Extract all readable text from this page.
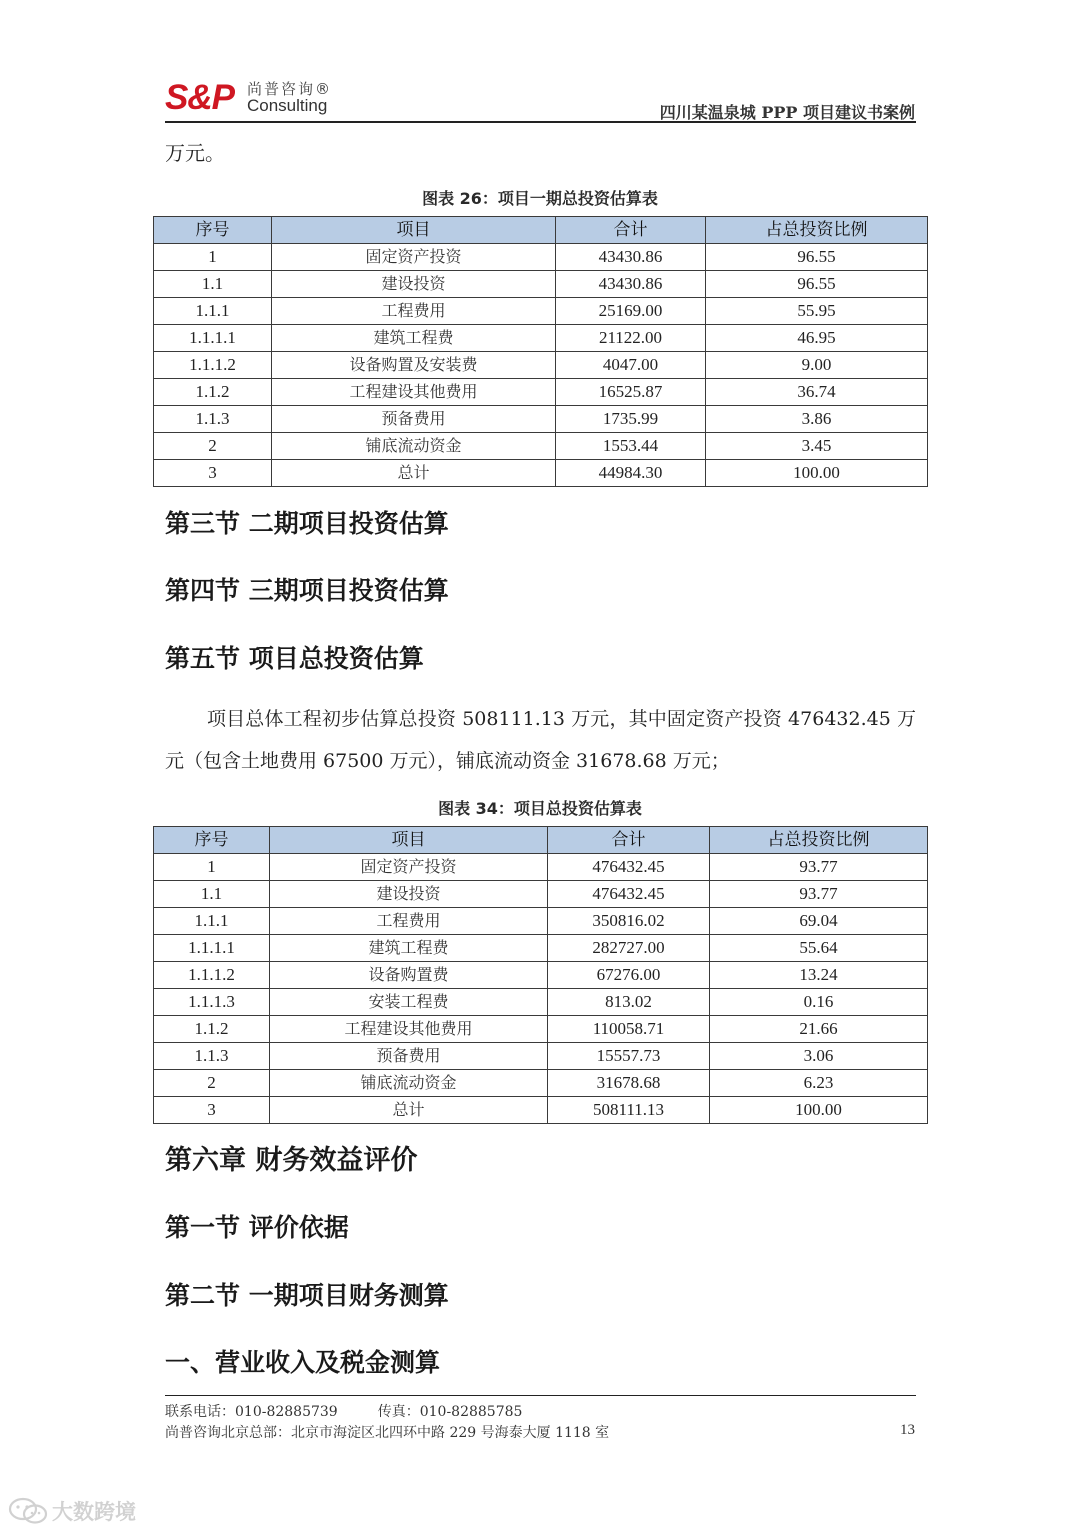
S&P 尚普咨询®
Consulting	四川某温泉城 PPP 项目建议书案例
万元。
图表 26：项目一期总投资估算表
序号	项目	合计	占总投资比例
1	固定资产投资	43430.86	96.55
1.1	建设投资	43430.86	96.55
1.1.1	工程费用	25169.00	55.95
1.1.1.1	建筑工程费	21122.00	46.95
1.1.1.2	设备购置及安装费	4047.00	9.00
1.1.2	工程建设其他费用	16525.87	36.74
1.1.3	预备费用	1735.99	3.86
2	铺底流动资金	1553.44	3.45
3	总计	44984.30	100.00
第三节 二期项目投资估算
第四节 三期项目投资估算
第五节 项目总投资估算
项目总体工程初步估算总投资 508111.13 万元，其中固定资产投资 476432.45 万元（包含土地费用 67500 万元），铺底流动资金 31678.68 万元；
图表 34：项目总投资估算表
序号	项目	合计	占总投资比例
1	固定资产投资	476432.45	93.77
1.1	建设投资	476432.45	93.77
1.1.1	工程费用	350816.02	69.04
1.1.1.1	建筑工程费	282727.00	55.64
1.1.1.2	设备购置费	67276.00	13.24
1.1.1.3	安装工程费	813.02	0.16
1.1.2	工程建设其他费用	110058.71	21.66
1.1.3	预备费用	15557.73	3.06
2	铺底流动资金	31678.68	6.23
3	总计	508111.13	100.00
第六章 财务效益评价
第一节 评价依据
第二节 一期项目财务测算
一、营业收入及税金测算
联系电话：010-82885739	传真：010-82885785
尚普咨询北京总部：北京市海淀区北四环中路 229 号海泰大厦 1118 室	13
大数跨境
